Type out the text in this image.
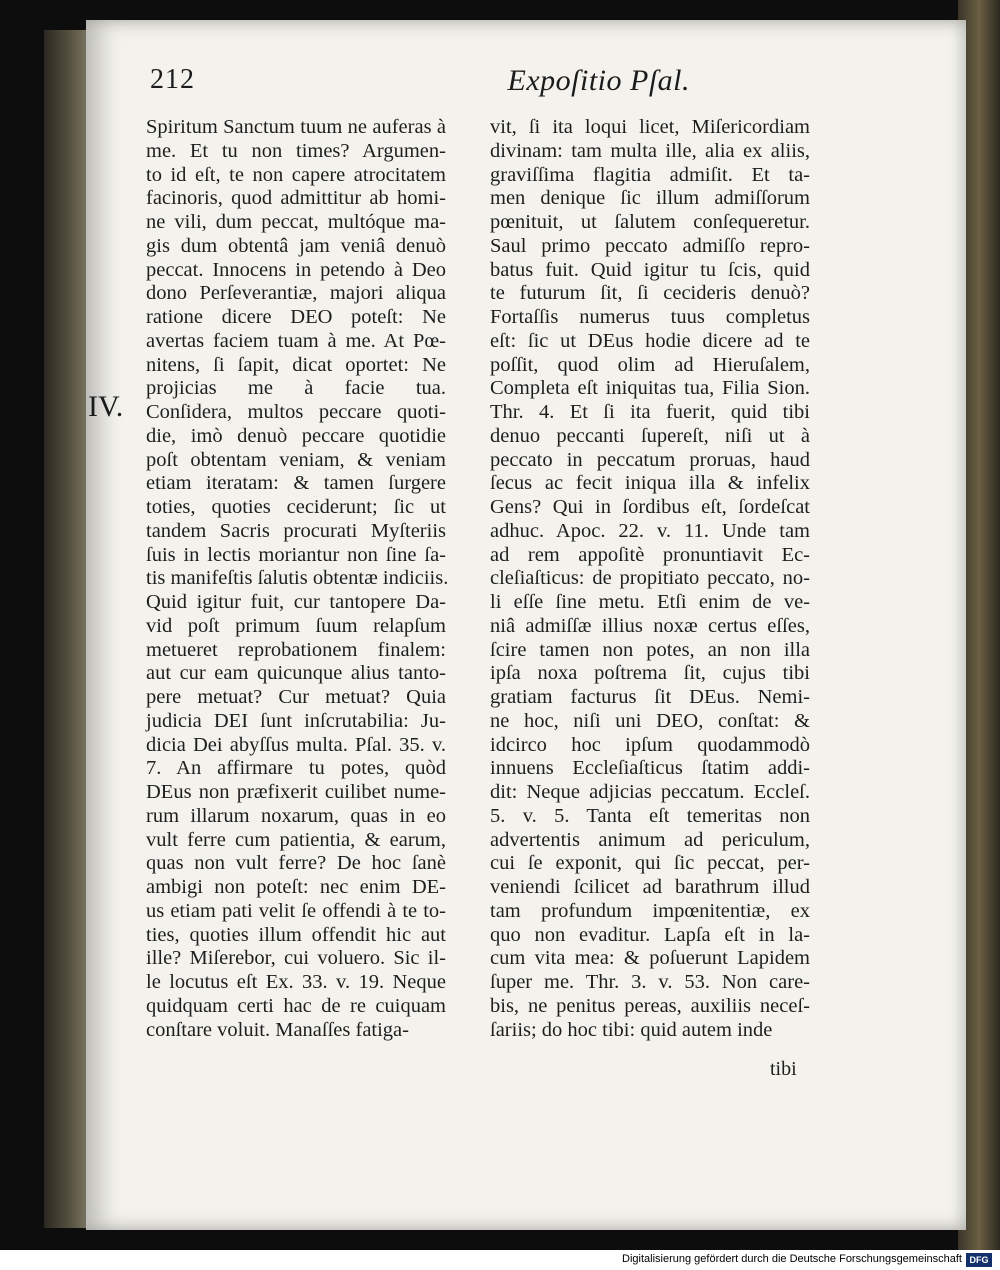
212	Expoſitio Pſal.
IV.
Spiritum Sanctum tuum ne auferas à
me. Et tu non times? Argumen-
to id eſt, te non capere atrocitatem
facinoris, quod admittitur ab homi-
ne vili, dum peccat, multóque ma-
gis dum obtentâ jam veniâ denuò
peccat. Innocens in petendo à Deo
dono Perſeverantiæ, majori aliqua
ratione dicere DEO poteſt: Ne
avertas faciem tuam à me. At Pœ-
nitens, ſi ſapit, dicat oportet: Ne
projicias me à facie tua.
Conſidera, multos peccare quoti-
die, imò denuò peccare quotidie
poſt obtentam veniam, & veniam
etiam iteratam: & tamen ſurgere
toties, quoties ceciderunt; ſic ut
tandem Sacris procurati Myſteriis
ſuis in lectis moriantur non ſine ſa-
tis manifeſtis ſalutis obtentæ indiciis.
Quid igitur fuit, cur tantopere Da-
vid poſt primum ſuum relapſum
metueret reprobationem finalem:
aut cur eam quicunque alius tanto-
pere metuat? Cur metuat? Quia
judicia DEI ſunt inſcrutabilia: Ju-
dicia Dei abyſſus multa. Pſal. 35. v.
7. An affirmare tu potes, quòd
DEus non præfixerit cuilibet nume-
rum illarum noxarum, quas in eo
vult ferre cum patientia, & earum,
quas non vult ferre? De hoc ſanè
ambigi non poteſt: nec enim DE-
us etiam pati velit ſe offendi à te to-
ties, quoties illum offendit hic aut
ille? Miſerebor, cui voluero. Sic il-
le locutus eſt Ex. 33. v. 19. Neque
quidquam certi hac de re cuiquam
conſtare voluit. Manaſſes fatiga-
vit, ſi ita loqui licet, Miſericordiam
divinam: tam multa ille, alia ex aliis,
graviſſima flagitia admiſit. Et ta-
men denique ſic illum admiſſorum
pœnituit, ut ſalutem conſequeretur.
Saul primo peccato admiſſo repro-
batus fuit. Quid igitur tu ſcis, quid
te futurum ſit, ſi cecideris denuò?
Fortaſſis numerus tuus completus
eſt: ſic ut DEus hodie dicere ad te
poſſit, quod olim ad Hieruſalem,
Completa eſt iniquitas tua, Filia Sion.
Thr. 4. Et ſi ita fuerit, quid tibi
denuo peccanti ſupereſt, niſi ut à
peccato in peccatum proruas, haud
ſecus ac fecit iniqua illa & infelix
Gens? Qui in ſordibus eſt, ſordeſcat
adhuc. Apoc. 22. v. 11. Unde tam
ad rem appoſitè pronuntiavit Ec-
cleſiaſticus: de propitiato peccato, no-
li eſſe ſine metu. Etſi enim de ve-
niâ admiſſæ illius noxæ certus eſſes,
ſcire tamen non potes, an non illa
ipſa noxa poſtrema ſit, cujus tibi
gratiam facturus ſit DEus. Nemi-
ne hoc, niſi uni DEO, conſtat: &
idcirco hoc ipſum quodammodò
innuens Eccleſiaſticus ſtatim addi-
dit: Neque adjicias peccatum. Eccleſ.
5. v. 5. Tanta eſt temeritas non
advertentis animum ad periculum,
cui ſe exponit, qui ſic peccat, per-
veniendi ſcilicet ad barathrum illud
tam profundum impœnitentiæ, ex
quo non evaditur. Lapſa eſt in la-
cum vita mea: & poſuerunt Lapidem
ſuper me. Thr. 3. v. 53. Non care-
bis, ne penitus pereas, auxiliis neceſ-
ſariis; do hoc tibi: quid autem inde
tibi
Digitalisierung gefördert durch die Deutsche Forschungsgemeinschaft DFG
